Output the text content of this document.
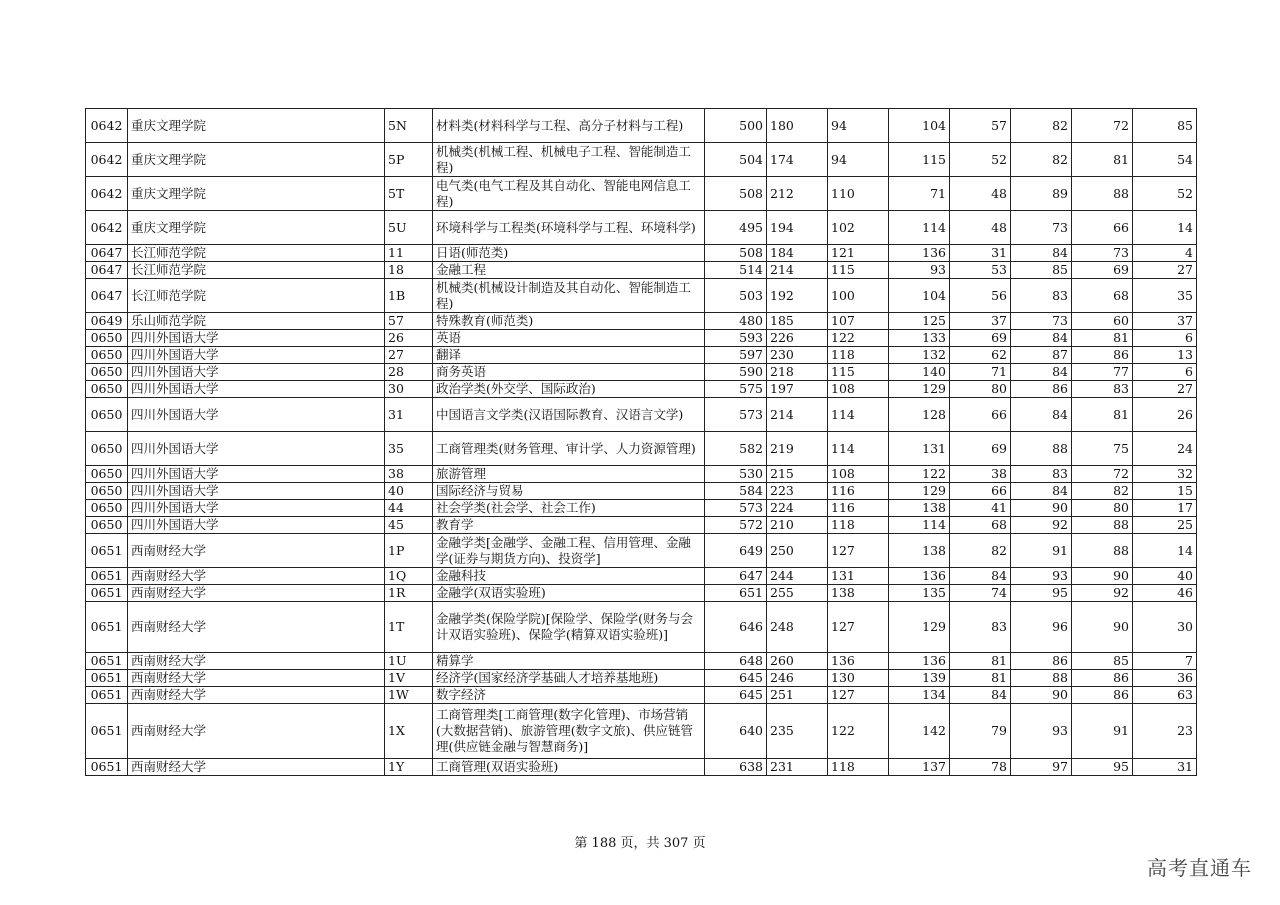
0642	重庆文理学院	5N	材料类(材料科学与工程、高分子材料与工程)	500	180	94	104	57	82	72	85
0642	重庆文理学院	5P	机械类(机械工程、机械电子工程、智能制造工程)	504	174	94	115	52	82	81	54
0642	重庆文理学院	5T	电气类(电气工程及其自动化、智能电网信息工程)	508	212	110	71	48	89	88	52
0642	重庆文理学院	5U	环境科学与工程类(环境科学与工程、环境科学)	495	194	102	114	48	73	66	14
0647	长江师范学院	11	日语(师范类)	508	184	121	136	31	84	73	4
0647	长江师范学院	18	金融工程	514	214	115	93	53	85	69	27
0647	长江师范学院	1B	机械类(机械设计制造及其自动化、智能制造工程)	503	192	100	104	56	83	68	35
0649	乐山师范学院	57	特殊教育(师范类)	480	185	107	125	37	73	60	37
0650	四川外国语大学	26	英语	593	226	122	133	69	84	81	6
0650	四川外国语大学	27	翻译	597	230	118	132	62	87	86	13
0650	四川外国语大学	28	商务英语	590	218	115	140	71	84	77	6
0650	四川外国语大学	30	政治学类(外交学、国际政治)	575	197	108	129	80	86	83	27
0650	四川外国语大学	31	中国语言文学类(汉语国际教育、汉语言文学)	573	214	114	128	66	84	81	26
0650	四川外国语大学	35	工商管理类(财务管理、审计学、人力资源管理)	582	219	114	131	69	88	75	24
0650	四川外国语大学	38	旅游管理	530	215	108	122	38	83	72	32
0650	四川外国语大学	40	国际经济与贸易	584	223	116	129	66	84	82	15
0650	四川外国语大学	44	社会学类(社会学、社会工作)	573	224	116	138	41	90	80	17
0650	四川外国语大学	45	教育学	572	210	118	114	68	92	88	25
0651	西南财经大学	1P	金融学类[金融学、金融工程、信用管理、金融学(证券与期货方向)、投资学]	649	250	127	138	82	91	88	14
0651	西南财经大学	1Q	金融科技	647	244	131	136	84	93	90	40
0651	西南财经大学	1R	金融学(双语实验班)	651	255	138	135	74	95	92	46
0651	西南财经大学	1T	金融学类(保险学院)[保险学、保险学(财务与会计双语实验班)、保险学(精算双语实验班)]	646	248	127	129	83	96	90	30
0651	西南财经大学	1U	精算学	648	260	136	136	81	86	85	7
0651	西南财经大学	1V	经济学(国家经济学基础人才培养基地班)	645	246	130	139	81	88	86	36
0651	西南财经大学	1W	数字经济	645	251	127	134	84	90	86	63
0651	西南财经大学	1X	工商管理类[工商管理(数字化管理)、市场营销(大数据营销)、旅游管理(数字文旅)、供应链管理(供应链金融与智慧商务)]	640	235	122	142	79	93	91	23
0651	西南财经大学	1Y	工商管理(双语实验班)	638	231	118	137	78	97	95	31
第 188 页，共 307 页
高考直通车
